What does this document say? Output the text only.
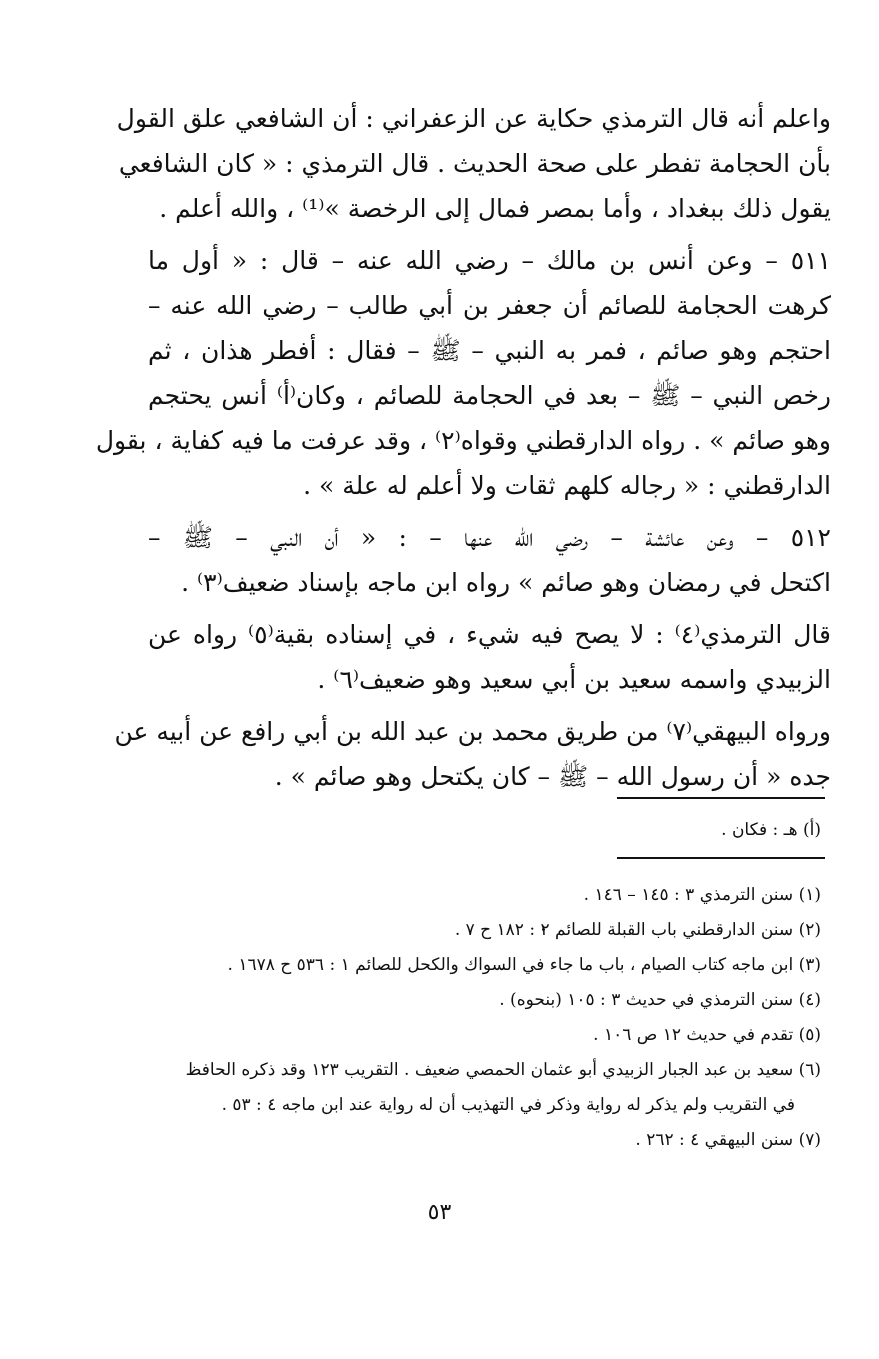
واعلم أنه قال الترمذي حكاية عن الزعفراني : أن الشافعي علق القول
بأن الحجامة تفطر على صحة الحديث . قال الترمذي : « كان الشافعي
يقول ذلك ببغداد ، وأما بمصر فمال إلى الرخصة »⁽¹⁾ ، والله أعلم .

٥١١ – وعن أنس بن مالك – رضي الله عنه – قال : « أول ما
كرهت الحجامة للصائم أن جعفر بن أبي طالب – رضي الله عنه –
احتجم وهو صائم ، فمر به النبي – ﷺ – فقال : أفطر هذان ، ثم
رخص النبي – ﷺ – بعد في الحجامة للصائم ، وكان⁽أ⁾ أنس يحتجم
وهو صائم » . رواه الدارقطني وقواه⁽٢⁾ ، وقد عرفت ما فيه كفاية ، بقول
الدارقطني : « رجاله كلهم ثقات ولا أعلم له علة » .

٥١٢ – وعن عائشة – رضي الله عنها – : « أن النبي – ﷺ –
اكتحل في رمضان وهو صائم » رواه ابن ماجه بإسناد ضعيف⁽٣⁾ .

قال الترمذي⁽٤⁾ : لا يصح فيه شيء ، في إسناده بقية⁽٥⁾ رواه عن
الزبيدي واسمه سعيد بن أبي سعيد وهو ضعيف⁽٦⁾ .

ورواه البيهقي⁽٧⁾ من طريق محمد بن عبد الله بن أبي رافع عن أبيه عن
جده « أن رسول الله – ﷺ – كان يكتحل وهو صائم » .

(أ) هـ : فكان .
(١) سنن الترمذي ٣ : ١٤٥ – ١٤٦ .
(٢) سنن الدارقطني باب القبلة للصائم ٢ : ١٨٢ ح ٧ .
(٣) ابن ماجه كتاب الصيام ، باب ما جاء في السواك والكحل للصائم ١ : ٥٣٦ ح ١٦٧٨ .
(٤) سنن الترمذي في حديث ٣ : ١٠٥ (بنحوه) .
(٥) تقدم في حديث ١٢ ص ١٠٦ .
(٦) سعيد بن عبد الجبار الزبيدي أبو عثمان الحمصي ضعيف . التقريب ١٢٣ وقد ذكره الحافظ
في التقريب ولم يذكر له رواية وذكر في التهذيب أن له رواية عند ابن ماجه ٤ : ٥٣ .
(٧) سنن البيهقي ٤ : ٢٦٢ .
٥٣
